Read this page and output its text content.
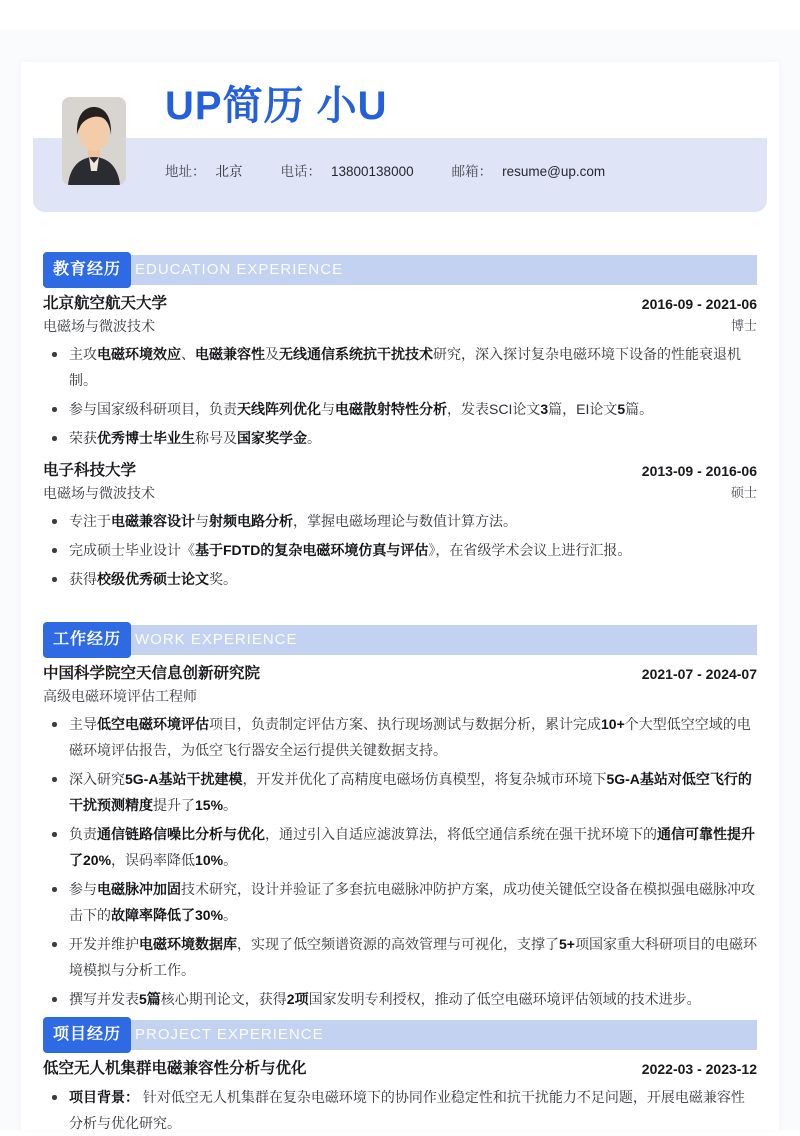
地址： 北京	电话： 13800138000	邮箱： resume@up.com
UP简历 小U
教育经历 EDUCATION EXPERIENCE
北京航空航天大学	2016-09 - 2021-06
电磁场与微波技术	博士
主攻电磁环境效应、电磁兼容性及无线通信系统抗干扰技术研究，深入探讨复杂电磁环境下设备的性能衰退机制。
参与国家级科研项目，负责天线阵列优化与电磁散射特性分析，发表SCI论文3篇，EI论文5篇。
荣获优秀博士毕业生称号及国家奖学金。
电子科技大学	2013-09 - 2016-06
电磁场与微波技术	硕士
专注于电磁兼容设计与射频电路分析，掌握电磁场理论与数值计算方法。
完成硕士毕业设计《基于FDTD的复杂电磁环境仿真与评估》，在省级学术会议上进行汇报。
获得校级优秀硕士论文奖。
工作经历 WORK EXPERIENCE
中国科学院空天信息创新研究院	2021-07 - 2024-07
高级电磁环境评估工程师
主导低空电磁环境评估项目，负责制定评估方案、执行现场测试与数据分析，累计完成10+个大型低空空域的电磁环境评估报告，为低空飞行器安全运行提供关键数据支持。
深入研究5G-A基站干扰建模，开发并优化了高精度电磁场仿真模型，将复杂城市环境下5G-A基站对低空飞行的干扰预测精度提升了15%。
负责通信链路信噪比分析与优化，通过引入自适应滤波算法，将低空通信系统在强干扰环境下的通信可靠性提升了20%，误码率降低10%。
参与电磁脉冲加固技术研究，设计并验证了多套抗电磁脉冲防护方案，成功使关键低空设备在模拟强电磁脉冲攻击下的故障率降低了30%。
开发并维护电磁环境数据库，实现了低空频谱资源的高效管理与可视化，支撑了5+项国家重大科研项目的电磁环境模拟与分析工作。
撰写并发表5篇核心期刊论文，获得2项国家发明专利授权，推动了低空电磁环境评估领域的技术进步。
项目经历 PROJECT EXPERIENCE
低空无人机集群电磁兼容性分析与优化	2022-03 - 2023-12
项目背景： 针对低空无人机集群在复杂电磁环境下的协同作业稳定性和抗干扰能力不足问题，开展电磁兼容性分析与优化研究。
